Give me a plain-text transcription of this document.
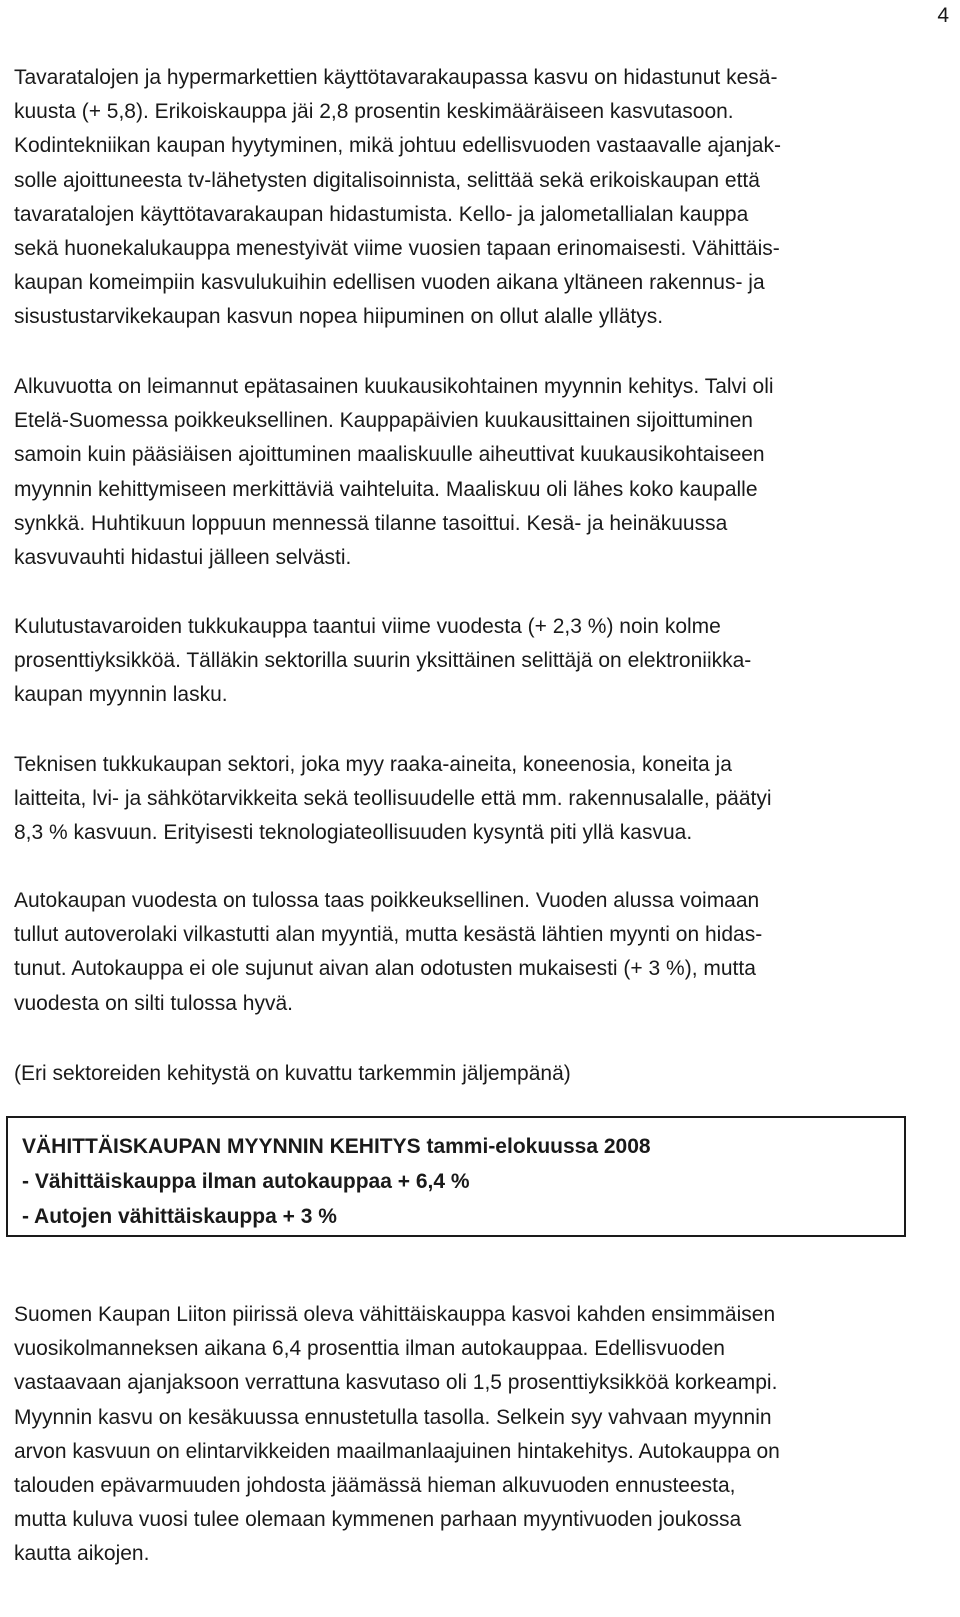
4

Tavaratalojen ja hypermarkettien käyttötavarakaupassa kasvu on hidastunut kesä-
kuusta (+ 5,8). Erikoiskauppa jäi 2,8 prosentin keskimääräiseen kasvutasoon.
Kodintekniikan kaupan hyytyminen, mikä johtuu edellisvuoden vastaavalle ajanjak-
solle ajoittuneesta tv-lähetysten digitalisoinnista, selittää sekä erikoiskaupan että
tavaratalojen käyttötavarakaupan hidastumista. Kello- ja jalometallialan kauppa
sekä huonekalukauppa menestyivät viime vuosien tapaan erinomaisesti. Vähittäis-
kaupan komeimpiin kasvulukuihin edellisen vuoden aikana yltäneen rakennus- ja
sisustustarvikekaupan kasvun nopea hiipuminen on ollut alalle yllätys.

Alkuvuotta on leimannut epätasainen kuukausikohtainen myynnin kehitys. Talvi oli
Etelä-Suomessa poikkeuksellinen. Kauppapäivien kuukausittainen sijoittuminen
samoin kuin pääsiäisen ajoittuminen maaliskuulle aiheuttivat kuukausikohtaiseen
myynnin kehittymiseen merkittäviä vaihteluita. Maaliskuu oli lähes koko kaupalle
synkkä. Huhtikuun loppuun mennessä tilanne tasoittui. Kesä- ja heinäkuussa
kasvuvauhti hidastui jälleen selvästi.

Kulutustavaroiden tukkukauppa taantui viime vuodesta (+ 2,3 %) noin kolme
prosenttiyksikköä. Tälläkin sektorilla suurin yksittäinen selittäjä on elektroniikka-
kaupan myynnin lasku.

Teknisen tukkukaupan sektori, joka myy raaka-aineita, koneenosia, koneita ja
laitteita, lvi- ja sähkötarvikkeita sekä teollisuudelle että mm. rakennusalalle, päätyi
8,3 % kasvuun. Erityisesti teknologiateollisuuden kysyntä piti yllä kasvua.

Autokaupan vuodesta on tulossa taas poikkeuksellinen. Vuoden alussa voimaan
tullut autoverolaki vilkastutti alan myyntiä, mutta kesästä lähtien myynti on hidas-
tunut. Autokauppa ei ole sujunut aivan alan odotusten mukaisesti (+ 3 %), mutta
vuodesta on silti tulossa hyvä.

(Eri sektoreiden kehitystä on kuvattu tarkemmin jäljempänä)

VÄHITTÄISKAUPAN MYYNNIN KEHITYS tammi-elokuussa 2008
- Vähittäiskauppa ilman autokauppaa + 6,4 %
- Autojen vähittäiskauppa + 3 %

Suomen Kaupan Liiton piirissä oleva vähittäiskauppa kasvoi kahden ensimmäisen
vuosikolmanneksen aikana 6,4 prosenttia ilman autokauppaa. Edellisvuoden
vastaavaan ajanjaksoon verrattuna kasvutaso oli 1,5 prosenttiyksikköä korkeampi.
Myynnin kasvu on kesäkuussa ennustetulla tasolla. Selkein syy vahvaan myynnin
arvon kasvuun on elintarvikkeiden maailmanlaajuinen hintakehitys. Autokauppa on
talouden epävarmuuden johdosta jäämässä hieman alkuvuoden ennusteesta,
mutta kuluva vuosi tulee olemaan kymmenen parhaan myyntivuoden joukossa
kautta aikojen.
